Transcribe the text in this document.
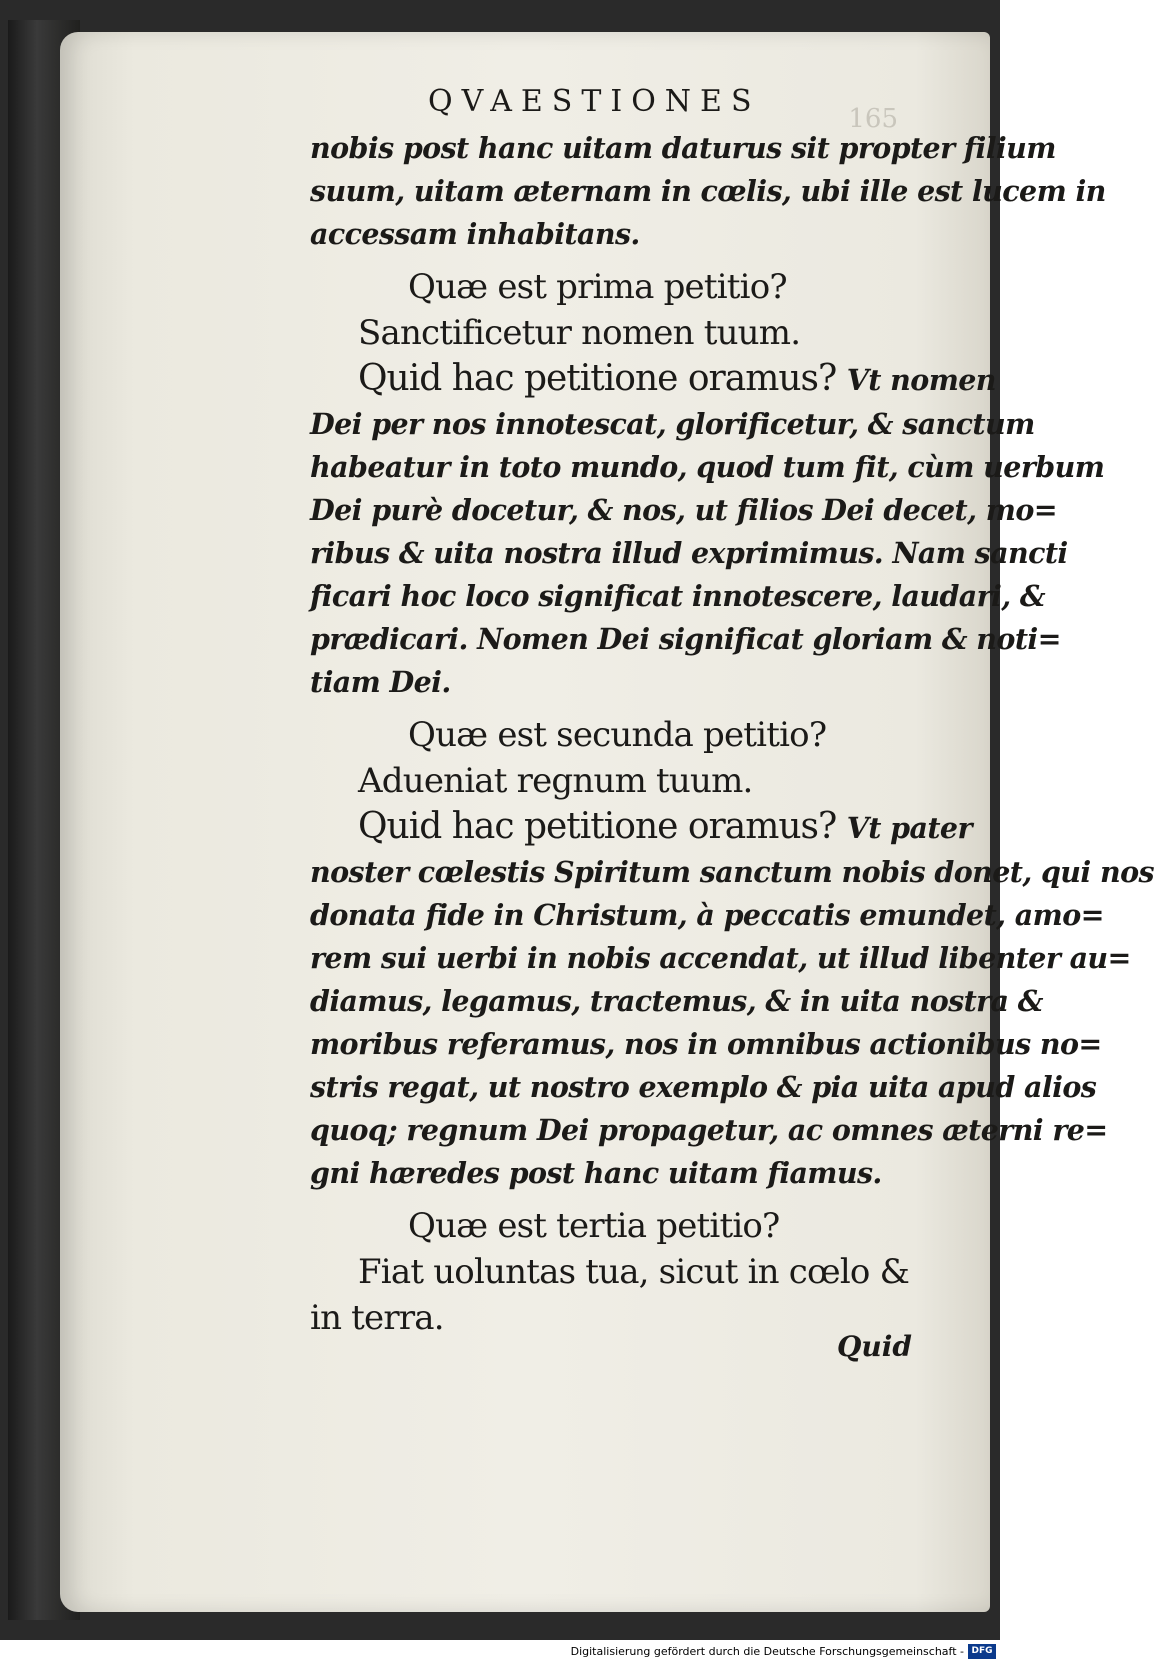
165
QVAESTIONES
nobis post hanc uitam daturus sit propter filium
suum, uitam æternam in cœlis, ubi ille est lucem in
accessam inhabitans.
Quæ est prima petitio?
Sanctificetur nomen tuum.
Quid hac petitione oramus? Vt nomen
Dei per nos innotescat, glorificetur, & sanctum
habeatur in toto mundo, quod tum fit, cùm uerbum
Dei purè docetur, & nos, ut filios Dei decet, mo=
ribus & uita nostra illud exprimimus. Nam sancti
ficari hoc loco significat innotescere, laudari, &
prædicari. Nomen Dei significat gloriam & noti=
tiam Dei.
Quæ est secunda petitio?
Adueniat regnum tuum.
Quid hac petitione oramus? Vt pater
noster cœlestis Spiritum sanctum nobis donet, qui nos
donata fide in Christum, à peccatis emundet, amo=
rem sui uerbi in nobis accendat, ut illud libenter au=
diamus, legamus, tractemus, & in uita nostra &
moribus referamus, nos in omnibus actionibus no=
stris regat, ut nostro exemplo & pia uita apud alios
quoq; regnum Dei propagetur, ac omnes æterni re=
gni hæredes post hanc uitam fiamus.
Quæ est tertia petitio?
Fiat uoluntas tua, sicut in cœlo &
in terra.
Quid
Digitalisierung gefördert durch die Deutsche Forschungsgemeinschaft - DFG
